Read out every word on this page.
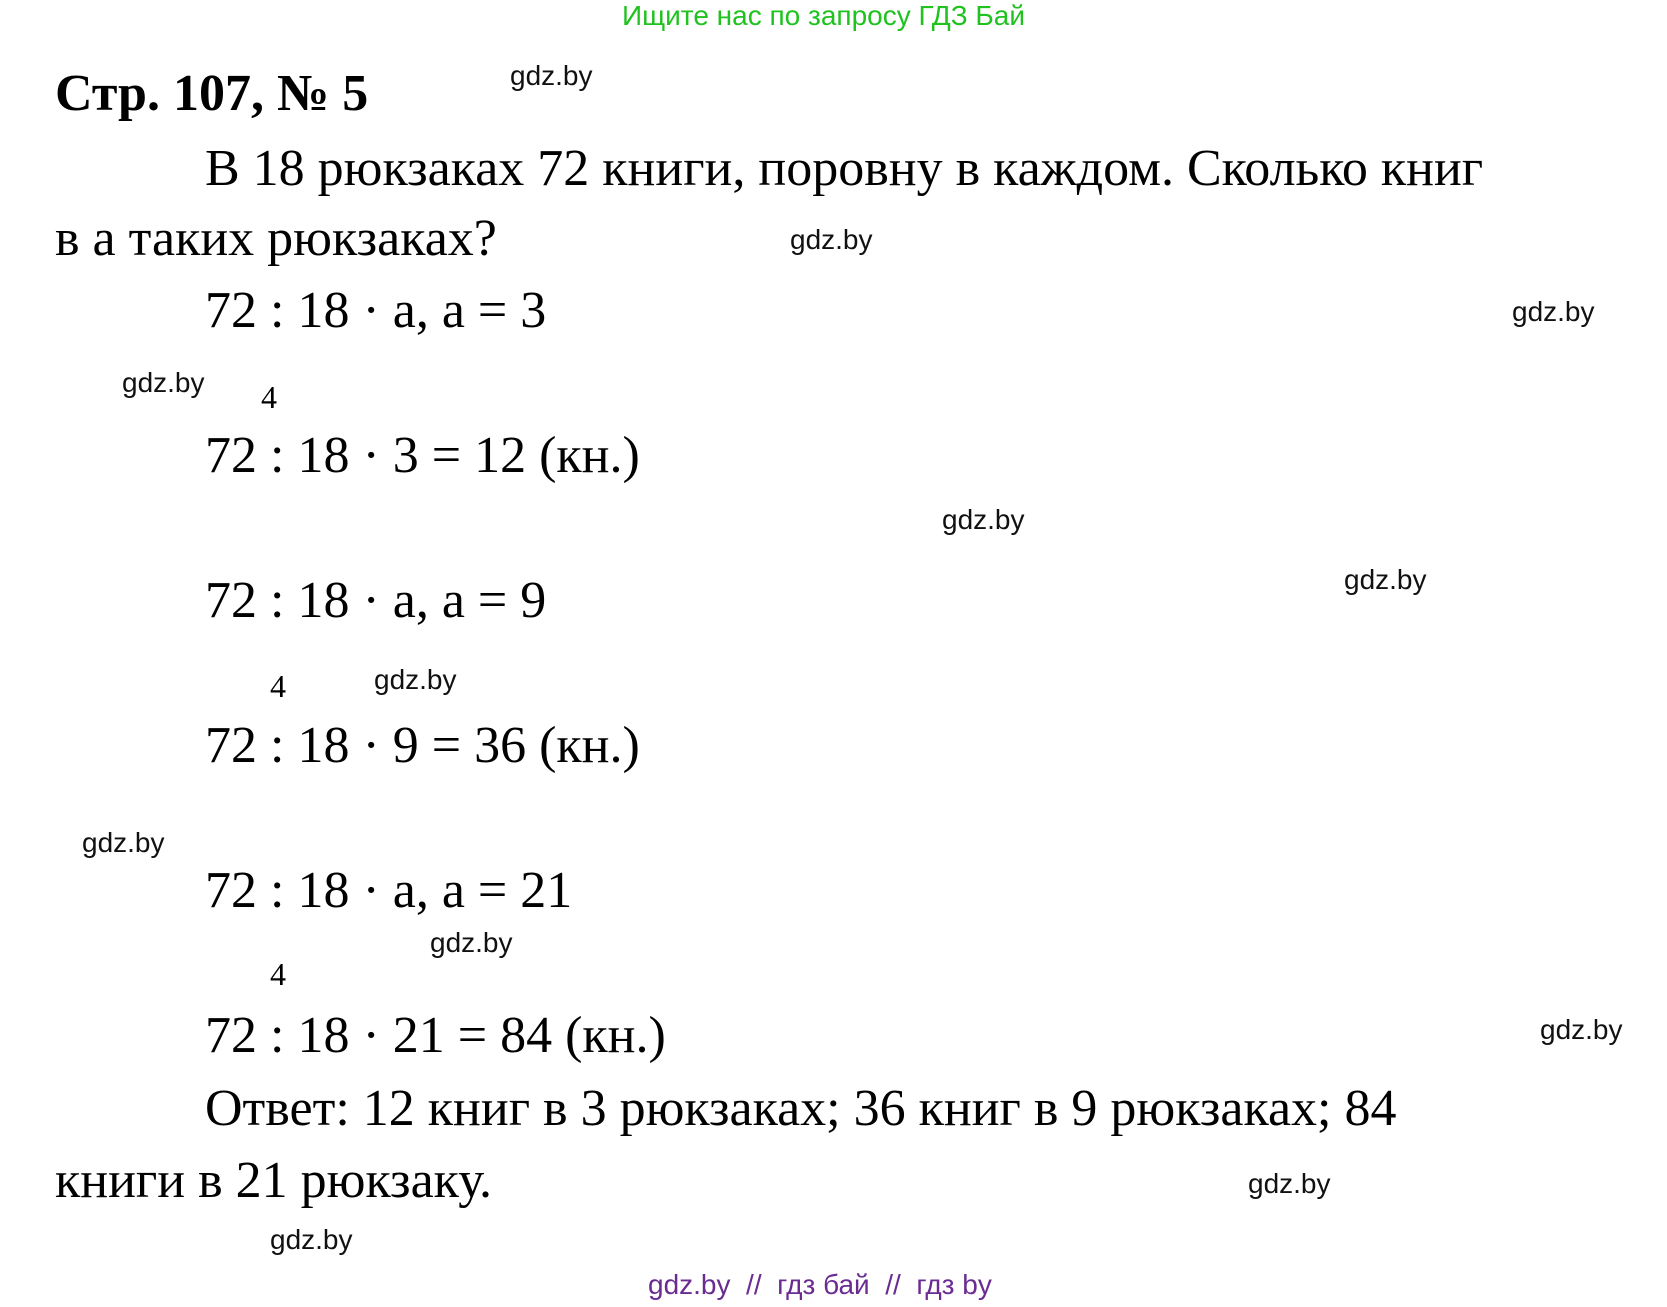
Ищите нас по запросу ГДЗ Бай
Стр. 107, № 5
В 18 рюкзаках 72 книги, поровну в каждом. Сколько книг
в а таких рюкзаках?
72 : 18 · а, а = 3
4
72 : 18 · 3 = 12 (кн.)
72 : 18 · а, а = 9
4
72 : 18 · 9 = 36 (кн.)
72 : 18 · а, а = 21
4
72 : 18 · 21 = 84 (кн.)
Ответ: 12 книг в 3 рюкзаках; 36 книг в 9 рюкзаках; 84
книги в 21 рюкзаку.
gdz.by
gdz.by
gdz.by
gdz.by
gdz.by
gdz.by
gdz.by
gdz.by
gdz.by
gdz.by
gdz.by
gdz.by
gdz.by  //  гдз бай  //  гдз by
